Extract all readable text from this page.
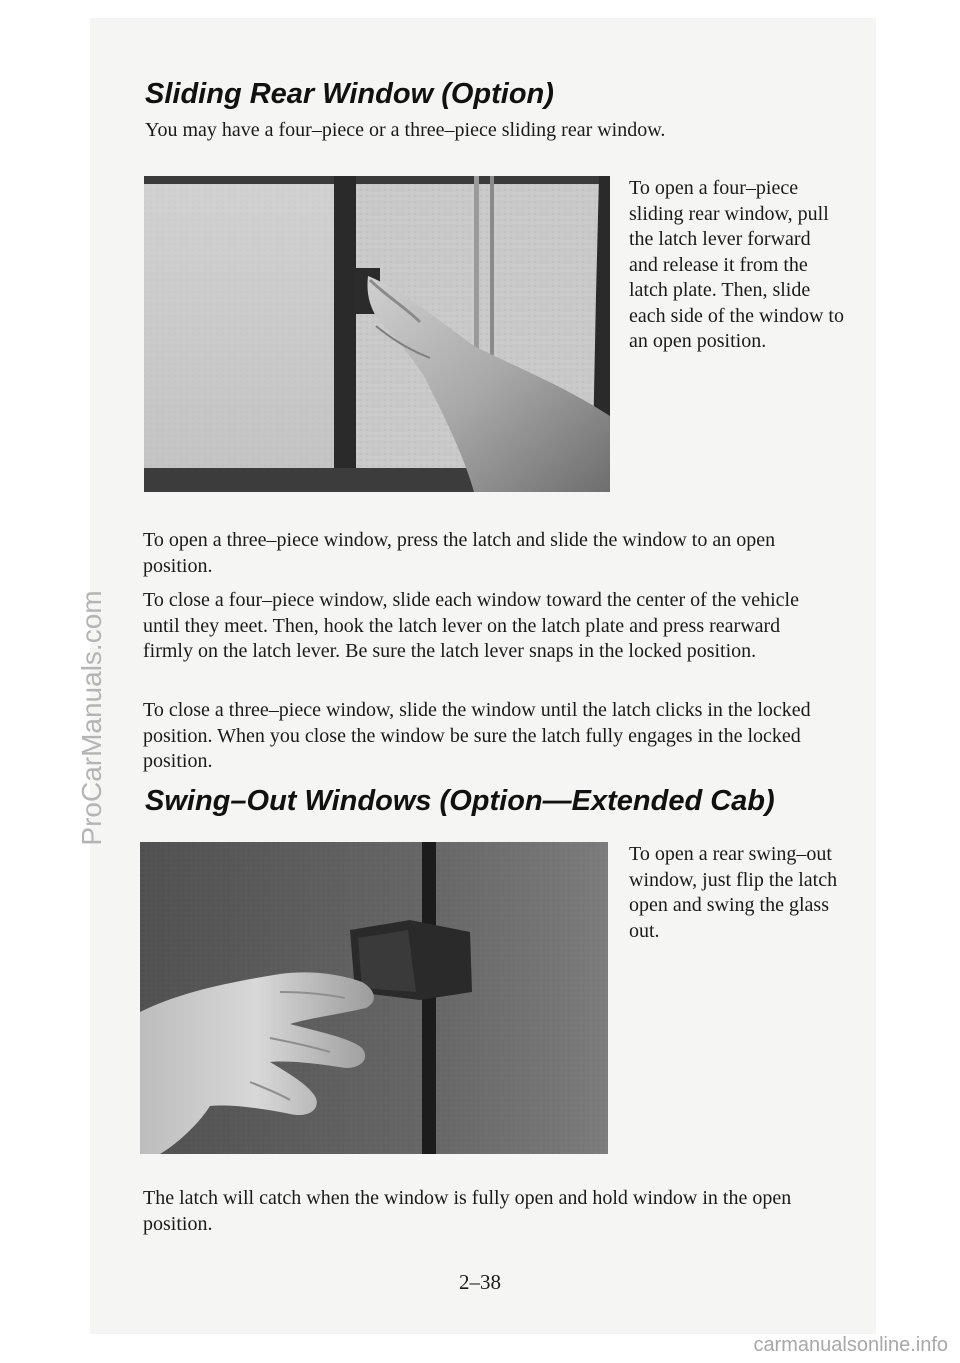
Sliding Rear Window (Option)
You may have a four–piece or a three–piece sliding rear window.
To open a four–piece sliding rear window, pull the latch lever forward and release it from the latch plate. Then, slide each side of the window to an open position.
To open a three–piece window, press the latch and slide the window to an open position.
To close a four–piece window, slide each window toward the center of the vehicle until they meet. Then, hook the latch lever on the latch plate and press rearward firmly on the latch lever. Be sure the latch lever snaps in the locked position.
To close a three–piece window, slide the window until the latch clicks in the locked position. When you close the window be sure the latch fully engages in the locked position.
Swing–Out Windows (Option—Extended Cab)
To open a rear swing–out window, just flip the latch open and swing the glass out.
The latch will catch when the window is fully open and hold window in the open position.
2–38
ProCarManuals.com
carmanualsonline.info
